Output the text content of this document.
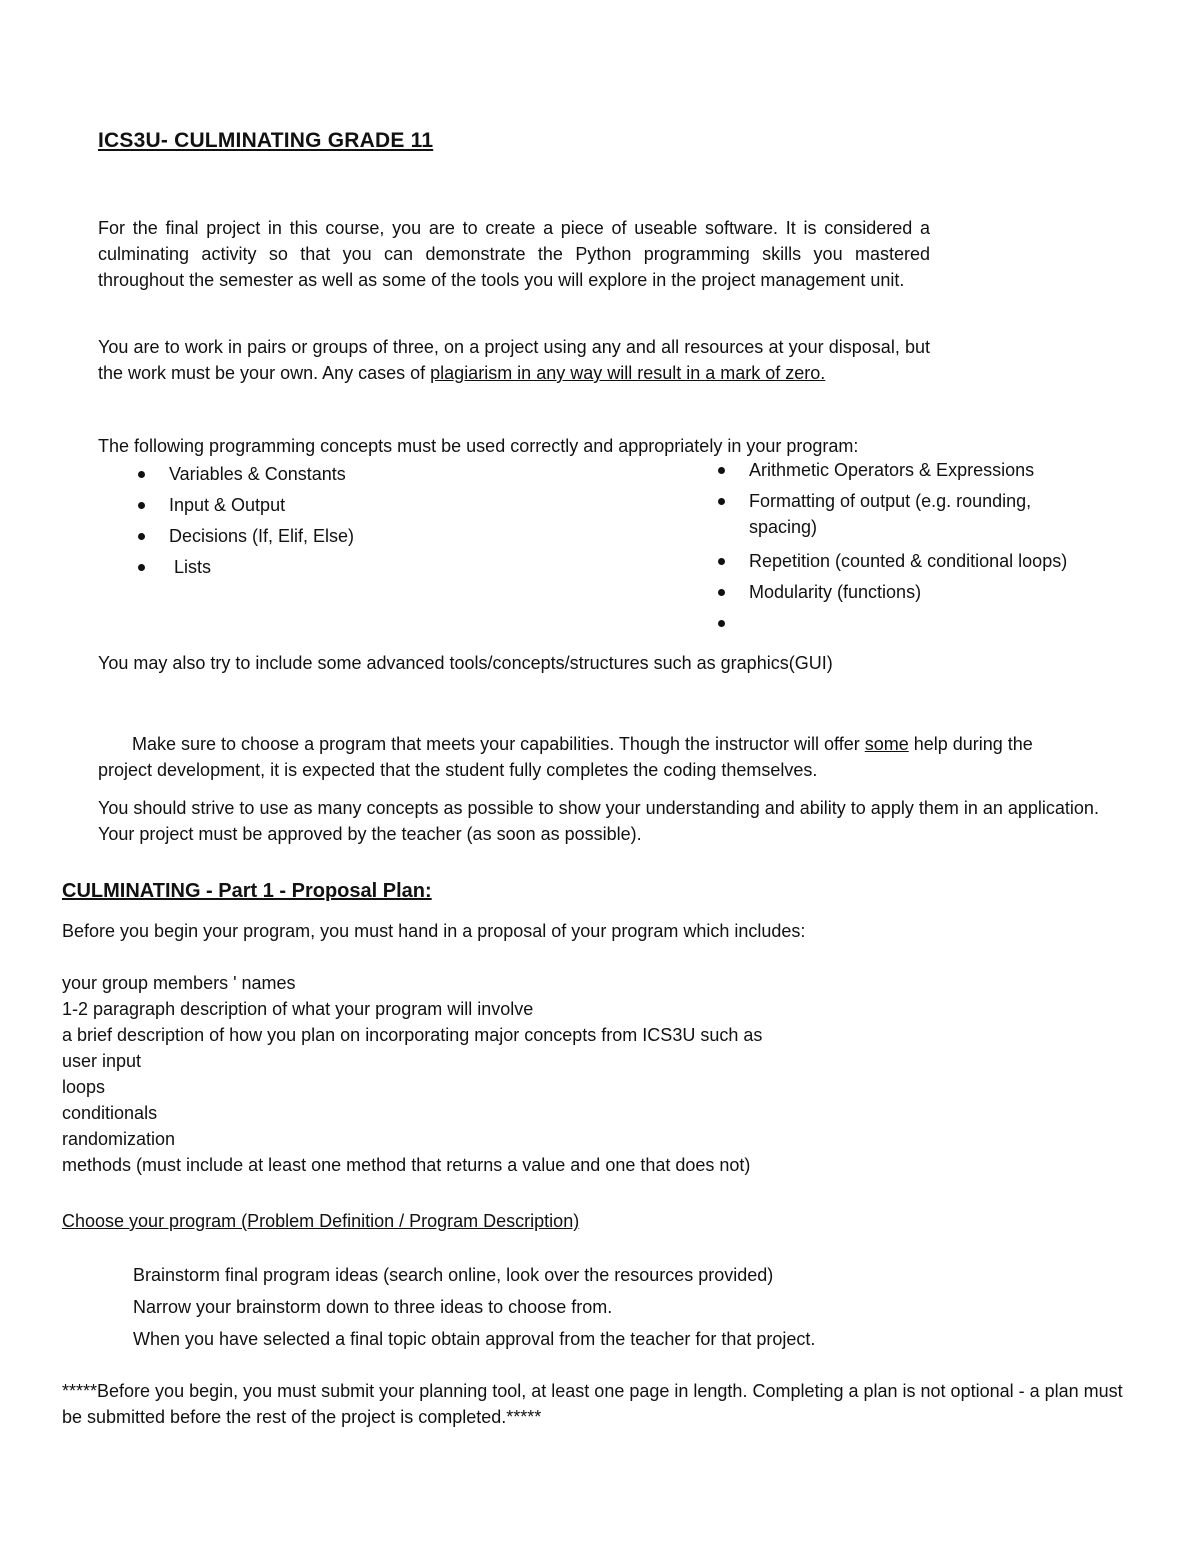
ICS3U- CULMINATING GRADE 11

For the final project in this course, you are to create a piece of useable software. It is considered a culminating activity so that you can demonstrate the Python programming skills you mastered throughout the semester as well as some of the tools you will explore in the project management unit.

You are to work in pairs or groups of three, on a project using any and all resources at your disposal, but the work must be your own. Any cases of plagiarism in any way will result in a mark of zero.

The following programming concepts must be used correctly and appropriately in your program:
Variables & Constants
Input & Output
Decisions (If, Elif, Else)
Lists
Arithmetic Operators & Expressions
Formatting of output (e.g. rounding, spacing)
Repetition (counted & conditional loops)
Modularity (functions)
You may also try to include some advanced tools/concepts/structures such as graphics(GUI)

Make sure to choose a program that meets your capabilities. Though the instructor will offer some help during the project development, it is expected that the student fully completes the coding themselves.

You should strive to use as many concepts as possible to show your understanding and ability to apply them in an application. Your project must be approved by the teacher (as soon as possible).

CULMINATING - Part 1 - Proposal Plan:
Before you begin your program, you must hand in a proposal of your program which includes:
your group members ' names
1-2 paragraph description of what your program will involve
a brief description of how you plan on incorporating major concepts from ICS3U such as
user input
loops
conditionals
randomization
methods (must include at least one method that returns a value and one that does not)
Choose your program (Problem Definition / Program Description)
Brainstorm final program ideas (search online, look over the resources provided)
Narrow your brainstorm down to three ideas to choose from.
When you have selected a final topic obtain approval from the teacher for that project.

*****Before you begin, you must submit your planning tool, at least one page in length. Completing a plan is not optional - a plan must be submitted before the rest of the project is completed.*****
